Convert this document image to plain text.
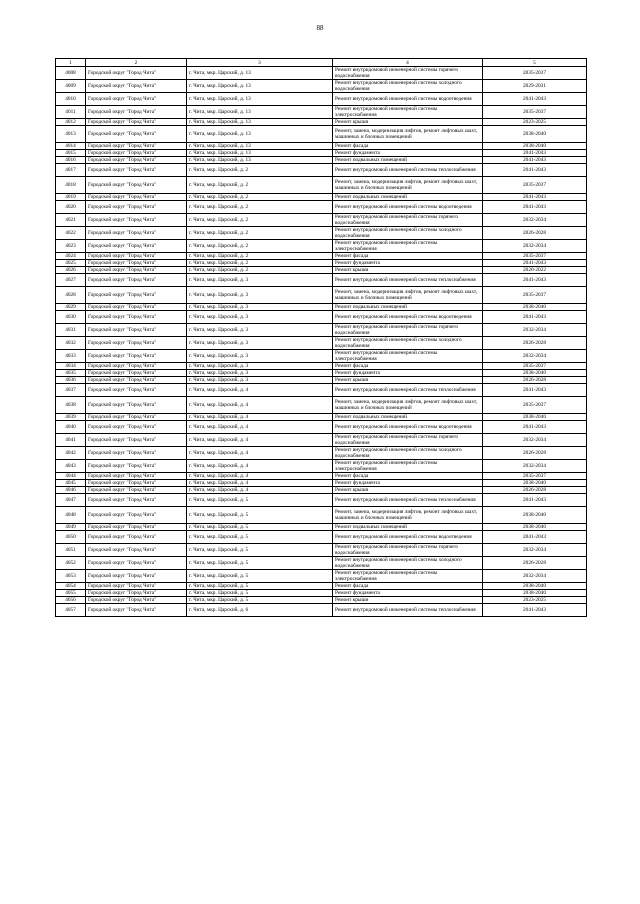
88
1	2	3	4	5
4008	Городской округ "Город Чита"	г. Чита, мкр. Царский, д. 13	Ремонт внутридомовой инженерной системы горячего водоснабжения	2035-2037
4009	Городской округ "Город Чита"	г. Чита, мкр. Царский, д. 13	Ремонт внутридомовой инженерной системы холодного водоснабжения	2029-2031
4010	Городской округ "Город Чита"	г. Чита, мкр. Царский, д. 13	Ремонт внутридомовой инженерной системы водоотведения	2041-2043
4011	Городской округ "Город Чита"	г. Чита, мкр. Царский, д. 13	Ремонт внутридомовой инженерной системы электроснабжения	2035-2037
4012	Городской округ "Город Чита"	г. Чита, мкр. Царский, д. 13	Ремонт крыши	2023-2025
4013	Городской округ "Город Чита"	г. Чита, мкр. Царский, д. 13	Ремонт, замена, модернизация лифтов, ремонт лифтовых шахт, машинных и блочных помещений	2038-2040
4014	Городской округ "Город Чита"	г. Чита, мкр. Царский, д. 13	Ремонт фасада	2038-2040
4015	Городской округ "Город Чита"	г. Чита, мкр. Царский, д. 13	Ремонт фундамента	2041-2043
4016	Городской округ "Город Чита"	г. Чита, мкр. Царский, д. 13	Ремонт подвальных помещений	2041-2043
4017	Городской округ "Город Чита"	г. Чита, мкр. Царский, д. 2	Ремонт внутридомовой инженерной системы теплоснабжения	2041-2043
4018	Городской округ "Город Чита"	г. Чита, мкр. Царский, д. 2	Ремонт, замена, модернизация лифтов, ремонт лифтовых шахт, машинных и блочных помещений	2035-2037
4019	Городской округ "Город Чита"	г. Чита, мкр. Царский, д. 2	Ремонт подвальных помещений	2041-2043
4020	Городской округ "Город Чита"	г. Чита, мкр. Царский, д. 2	Ремонт внутридомовой инженерной системы водоотведения	2041-2043
4021	Городской округ "Город Чита"	г. Чита, мкр. Царский, д. 2	Ремонт внутридомовой инженерной системы горячего водоснабжения	2032-2034
4022	Городской округ "Город Чита"	г. Чита, мкр. Царский, д. 2	Ремонт внутридомовой инженерной системы холодного водоснабжения	2026-2028
4023	Городской округ "Город Чита"	г. Чита, мкр. Царский, д. 2	Ремонт внутридомовой инженерной системы электроснабжения	2032-2034
4024	Городской округ "Город Чита"	г. Чита, мкр. Царский, д. 2	Ремонт фасада	2035-2037
4025	Городской округ "Город Чита"	г. Чита, мкр. Царский, д. 2	Ремонт фундамента	2041-2043
4026	Городской округ "Город Чита"	г. Чита, мкр. Царский, д. 2	Ремонт крыши	2020-2022
4027	Городской округ "Город Чита"	г. Чита, мкр. Царский, д. 3	Ремонт внутридомовой инженерной системы теплоснабжения	2041-2043
4028	Городской округ "Город Чита"	г. Чита, мкр. Царский, д. 3	Ремонт, замена, модернизация лифтов, ремонт лифтовых шахт, машинных и блочных помещений	2035-2037
4029	Городской округ "Город Чита"	г. Чита, мкр. Царский, д. 3	Ремонт подвальных помещений	2038-2040
4030	Городской округ "Город Чита"	г. Чита, мкр. Царский, д. 3	Ремонт внутридомовой инженерной системы водоотведения	2041-2043
4031	Городской округ "Город Чита"	г. Чита, мкр. Царский, д. 3	Ремонт внутридомовой инженерной системы горячего водоснабжения	2032-2034
4032	Городской округ "Город Чита"	г. Чита, мкр. Царский, д. 3	Ремонт внутридомовой инженерной системы холодного водоснабжения	2026-2028
4033	Городской округ "Город Чита"	г. Чита, мкр. Царский, д. 3	Ремонт внутридомовой инженерной системы электроснабжения	2032-2034
4034	Городской округ "Город Чита"	г. Чита, мкр. Царский, д. 3	Ремонт фасада	2035-2037
4035	Городской округ "Город Чита"	г. Чита, мкр. Царский, д. 3	Ремонт фундамента	2038-2040
4036	Городской округ "Город Чита"	г. Чита, мкр. Царский, д. 3	Ремонт крыши	2026-2028
4037	Городской округ "Город Чита"	г. Чита, мкр. Царский, д. 4	Ремонт внутридомовой инженерной системы теплоснабжения	2041-2043
4038	Городской округ "Город Чита"	г. Чита, мкр. Царский, д. 4	Ремонт, замена, модернизация лифтов, ремонт лифтовых шахт, машинных и блочных помещений	2035-2037
4039	Городской округ "Город Чита"	г. Чита, мкр. Царский, д. 4	Ремонт подвальных помещений	2038-2040
4040	Городской округ "Город Чита"	г. Чита, мкр. Царский, д. 4	Ремонт внутридомовой инженерной системы водоотведения	2041-2043
4041	Городской округ "Город Чита"	г. Чита, мкр. Царский, д. 4	Ремонт внутридомовой инженерной системы горячего водоснабжения	2032-2034
4042	Городской округ "Город Чита"	г. Чита, мкр. Царский, д. 4	Ремонт внутридомовой инженерной системы холодного водоснабжения	2026-2028
4043	Городской округ "Город Чита"	г. Чита, мкр. Царский, д. 4	Ремонт внутридомовой инженерной системы электроснабжения	2032-2034
4044	Городской округ "Город Чита"	г. Чита, мкр. Царский, д. 4	Ремонт фасада	2035-2037
4045	Городской округ "Город Чита"	г. Чита, мкр. Царский, д. 4	Ремонт фундамента	2038-2040
4046	Городской округ "Город Чита"	г. Чита, мкр. Царский, д. 4	Ремонт крыши	2026-2028
4047	Городской округ "Город Чита"	г. Чита, мкр. Царский, д. 5	Ремонт внутридомовой инженерной системы теплоснабжения	2041-2043
4048	Городской округ "Город Чита"	г. Чита, мкр. Царский, д. 5	Ремонт, замена, модернизация лифтов, ремонт лифтовых шахт, машинных и блочных помещений	2038-2040
4049	Городской округ "Город Чита"	г. Чита, мкр. Царский, д. 5	Ремонт подвальных помещений	2038-2040
4050	Городской округ "Город Чита"	г. Чита, мкр. Царский, д. 5	Ремонт внутридомовой инженерной системы водоотведения	2041-2043
4051	Городской округ "Город Чита"	г. Чита, мкр. Царский, д. 5	Ремонт внутридомовой инженерной системы горячего водоснабжения	2032-2034
4052	Городской округ "Город Чита"	г. Чита, мкр. Царский, д. 5	Ремонт внутридомовой инженерной системы холодного водоснабжения	2026-2028
4053	Городской округ "Город Чита"	г. Чита, мкр. Царский, д. 5	Ремонт внутридомовой инженерной системы электроснабжения	2032-2034
4054	Городской округ "Город Чита"	г. Чита, мкр. Царский, д. 5	Ремонт фасада	2038-2040
4055	Городской округ "Город Чита"	г. Чита, мкр. Царский, д. 5	Ремонт фундамента	2038-2040
4056	Городской округ "Город Чита"	г. Чита, мкр. Царский, д. 5	Ремонт крыши	2023-2025
4057	Городской округ "Город Чита"	г. Чита, мкр. Царский, д. 6	Ремонт внутридомовой инженерной системы теплоснабжения	2041-2043
